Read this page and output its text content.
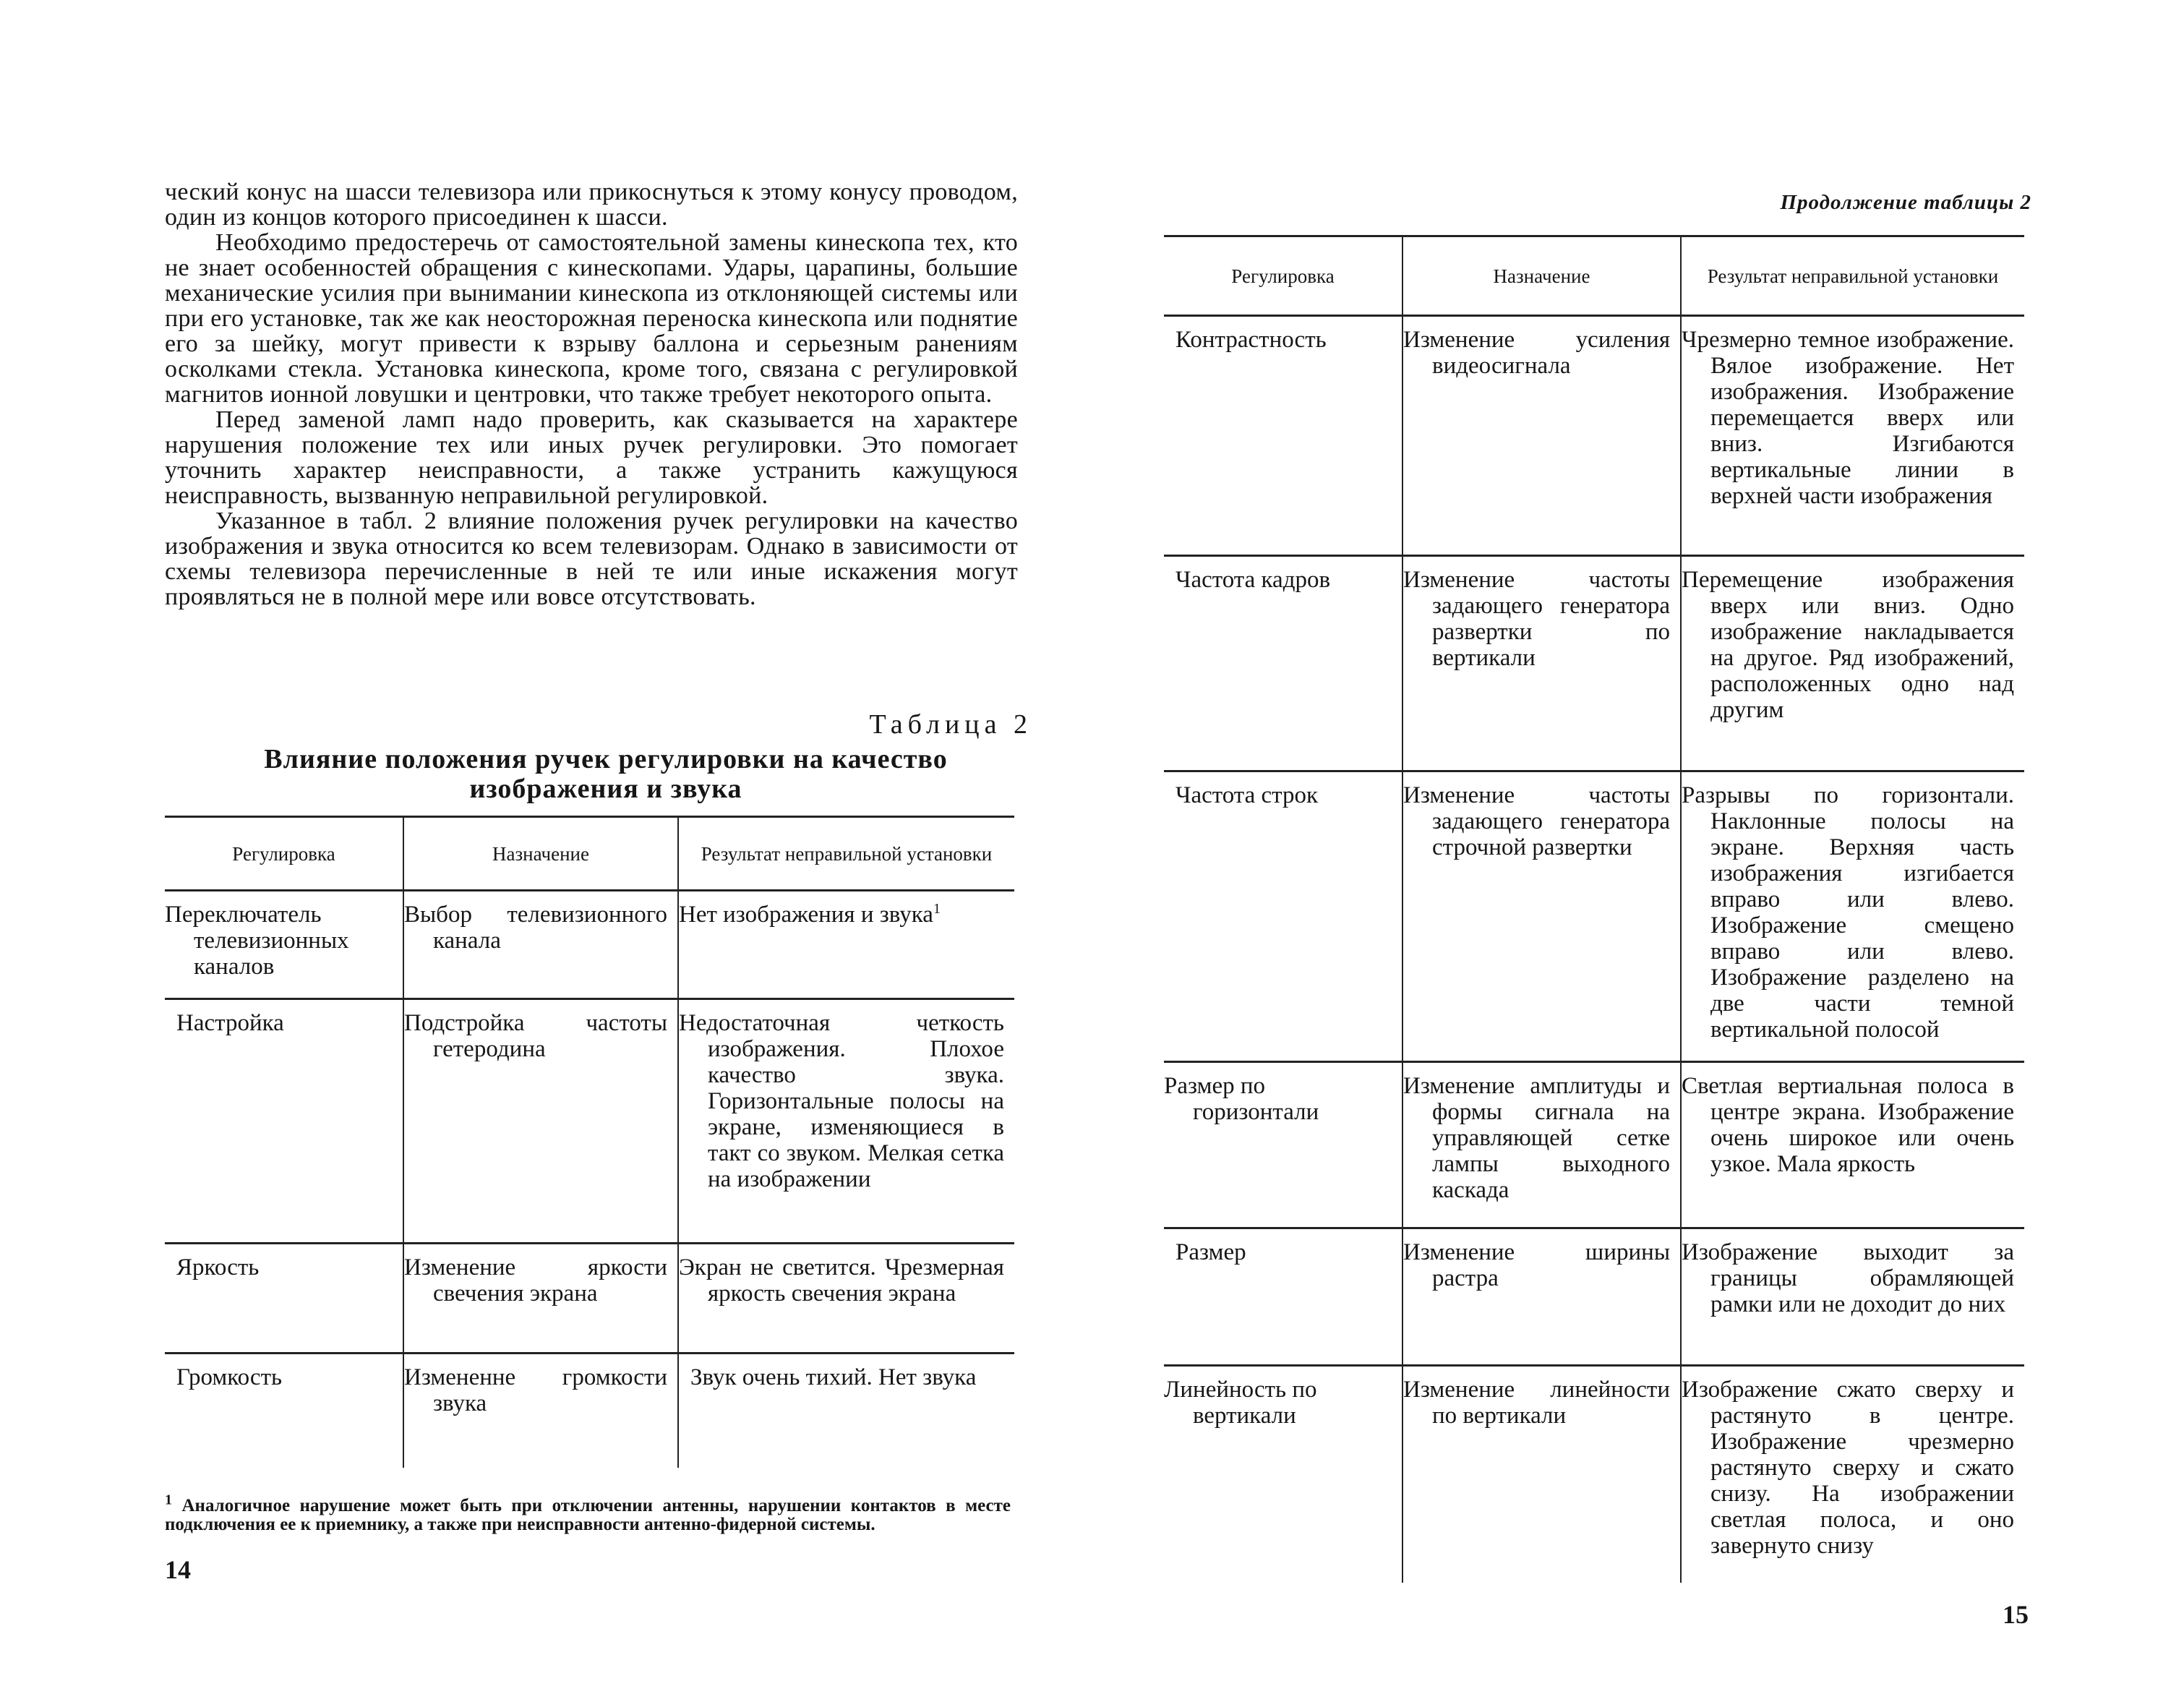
ческий конус на шасси телевизора или прикоснуться к этому конусу проводом, один из концов которого присоединен к шасси.

Необходимо предостеречь от самостоятельной замены кинескопа тех, кто не знает особенностей обращения с кинескопами. Удары, царапины, большие механические усилия при вынимании кинескопа из отклоняющей системы или при его установке, так же как неосторожная переноска кинескопа или поднятие его за шейку, могут привести к взрыву баллона и серьезным ранениям осколками стекла. Установка кинескопа, кроме того, связана с регулировкой магнитов ионной ловушки и центровки, что также требует некоторого опыта.

Перед заменой ламп надо проверить, как сказывается на характере нарушения положение тех или иных ручек регулировки. Это помогает уточнить характер неисправности, а также устранить кажущуюся неисправность, вызванную неправильной регулировкой.

Указанное в табл. 2 влияние положения ручек регулировки на качество изображения и звука относится ко всем телевизорам. Однако в зависимости от схемы телевизора перечисленные в ней те или иные искажения могут проявляться не в полной мере или вовсе отсутствовать.

Таблица 2
Влияние положения ручек регулировки на качество
изображения и звука
Регулировка	Назначение	Результат неправильной установки
Переключатель телевизионных каналов	Выбор телевизионного канала	Нет изображения и звука$^1$
Настройка	Подстройка частоты гетеродина	Недостаточная четкость изображения. Плохое качество звука. Горизонтальные полосы на экране, изменяющиеся в такт со звуком. Мелкая сетка на изображении
Яркость	Изменение яркости свечения экрана	Экран не светится. Чрезмерная яркость свечения экрана
Громкость	Измененне громкости звука	Звук очень тихий. Нет звука
$^1$ Аналогичное нарушение может быть при отключении антенны, нарушении контактов в месте подключения ее к приемнику, а также при неисправности антенно-фидерной системы.
14
Продолжение таблицы 2
Регулировка	Назначение	Результат неправильной установки
Контрастность	Изменение усиления видеосигнала	Чрезмерно темное изображение. Вялое изображение. Нет изображения. Изображение перемещается вверх или вниз. Изгибаются вертикальные линии в верхней части изображения
Частота кадров	Изменение частоты задающего генератора развертки по вертикали	Перемещение изображения вверх или вниз. Одно изображение накладывается на другое. Ряд изображений, расположенных одно над другим
Частота строк	Изменение частоты задающего генератора строчной развертки	Разрывы по горизонтали. Наклонные полосы на экране. Верхняя часть изображения изгибается вправо или влево. Изображение смещено вправо или влево. Изображение разделено на две части темной вертикальной полосой
Размер по горизонтали	Изменение амплитуды и формы сигнала на управляющей сетке лампы выходного каскада	Светлая вертиальная полоса в центре экрана. Изображение очень широкое или очень узкое. Мала яркость
Размер	Изменение ширины растра	Изображение выходит за границы обрамляющей рамки или не доходит до них
Линейность по вертикали	Изменение линейности по вертикали	Изображение сжато сверху и растянуто в центре. Изображение чрезмерно растянуто сверху и сжато снизу. На изображении светлая полоса, и оно завернуто снизу
15
